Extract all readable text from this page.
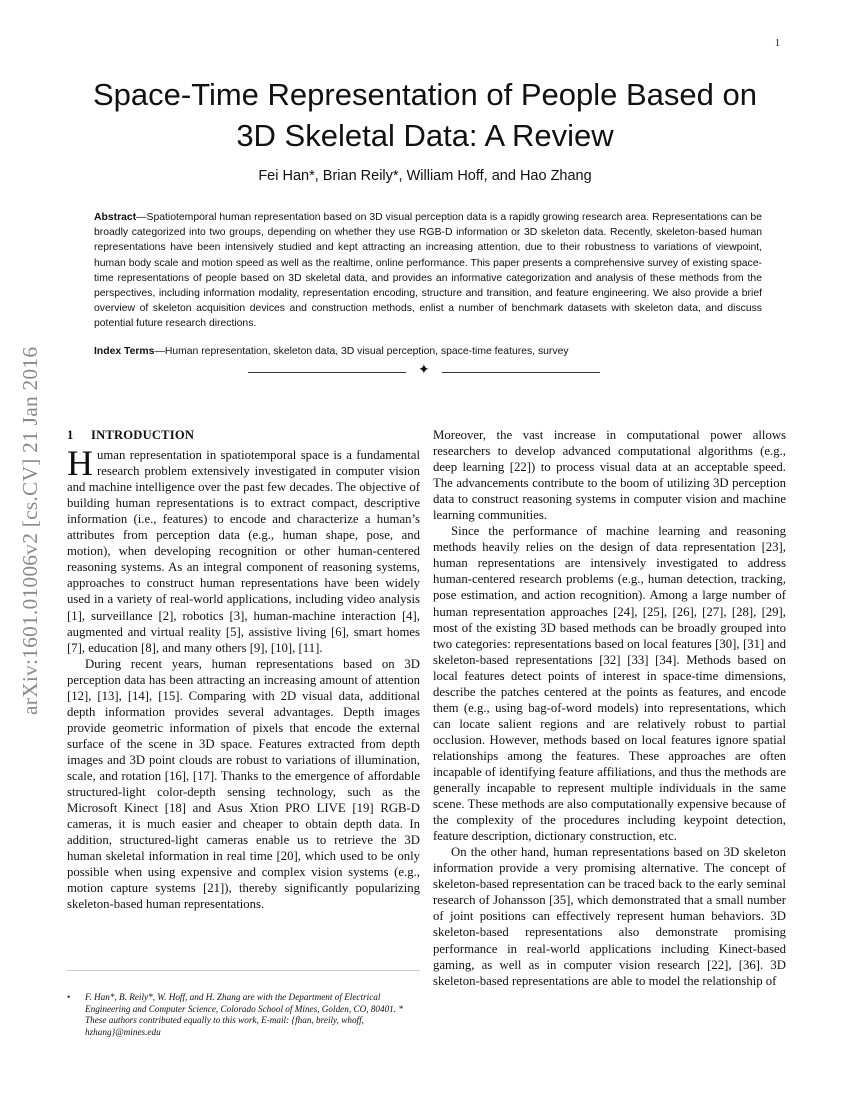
1
arXiv:1601.01006v2 [cs.CV] 21 Jan 2016
Space-Time Representation of People Based on
3D Skeletal Data: A Review
Fei Han*, Brian Reily*, William Hoff, and Hao Zhang
Abstract—Spatiotemporal human representation based on 3D visual perception data is a rapidly growing research area. Representations can be broadly categorized into two groups, depending on whether they use RGB-D information or 3D skeleton data. Recently, skeleton-based human representations have been intensively studied and kept attracting an increasing attention, due to their robustness to variations of viewpoint, human body scale and motion speed as well as the realtime, online performance. This paper presents a comprehensive survey of existing space-time representations of people based on 3D skeletal data, and provides an informative categorization and analysis of these methods from the perspectives, including information modality, representation encoding, structure and transition, and feature engineering. We also provide a brief overview of skeleton acquisition devices and construction methods, enlist a number of benchmark datasets with skeleton data, and discuss potential future research directions.
Index Terms—Human representation, skeleton data, 3D visual perception, space-time features, survey
✦
1 INTRODUCTION

Human representation in spatiotemporal space is a fundamental research problem extensively investigated in computer vision and machine intelligence over the past few decades. The objective of building human representations is to extract compact, descriptive information (i.e., features) to encode and characterize a human’s attributes from perception data (e.g., human shape, pose, and motion), when developing recognition or other human-centered reasoning systems. As an integral component of reasoning systems, approaches to construct human representations have been widely used in a variety of real-world applications, including video analysis [1], surveillance [2], robotics [3], human-machine interaction [4], augmented and virtual reality [5], assistive living [6], smart homes [7], education [8], and many others [9], [10], [11].

During recent years, human representations based on 3D perception data has been attracting an increasing amount of attention [12], [13], [14], [15]. Comparing with 2D visual data, additional depth information provides several advantages. Depth images provide geometric information of pixels that encode the external surface of the scene in 3D space. Features extracted from depth images and 3D point clouds are robust to variations of illumination, scale, and rotation [16], [17]. Thanks to the emergence of affordable structured-light color-depth sensing technology, such as the Microsoft Kinect [18] and Asus Xtion PRO LIVE [19] RGB-D cameras, it is much easier and cheaper to obtain depth data. In addition, structured-light cameras enable us to retrieve the 3D human skeletal information in real time [20], which used to be only possible when using expensive and complex vision systems (e.g., motion capture systems [21]), thereby significantly popularizing skeleton-based human representations.

• F. Han*, B. Reily*, W. Hoff, and H. Zhang are with the Department of Electrical Engineering and Computer Science, Colorado School of Mines, Golden, CO, 80401. * These authors contributed equally to this work, E-mail: {fhan, breily, whoff, hzhang}@mines.edu

Moreover, the vast increase in computational power allows researchers to develop advanced computational algorithms (e.g., deep learning [22]) to process visual data at an acceptable speed. The advancements contribute to the boom of utilizing 3D perception data to construct reasoning systems in computer vision and machine learning communities.

Since the performance of machine learning and reasoning methods heavily relies on the design of data representation [23], human representations are intensively investigated to address human-centered research problems (e.g., human detection, tracking, pose estimation, and action recognition). Among a large number of human representation approaches [24], [25], [26], [27], [28], [29], most of the existing 3D based methods can be broadly grouped into two categories: representations based on local features [30], [31] and skeleton-based representations [32] [33] [34]. Methods based on local features detect points of interest in space-time dimensions, describe the patches centered at the points as features, and encode them (e.g., using bag-of-word models) into representations, which can locate salient regions and are relatively robust to partial occlusion. However, methods based on local features ignore spatial relationships among the features. These approaches are often incapable of identifying feature affiliations, and thus the methods are generally incapable to represent multiple individuals in the same scene. These methods are also computationally expensive because of the complexity of the procedures including keypoint detection, feature description, dictionary construction, etc.

On the other hand, human representations based on 3D skeleton information provide a very promising alternative. The concept of skeleton-based representation can be traced back to the early seminal research of Johansson [35], which demonstrated that a small number of joint positions can effectively represent human behaviors. 3D skeleton-based representations also demonstrate promising performance in real-world applications including Kinect-based gaming, as well as in computer vision research [22], [36]. 3D skeleton-based representations are able to model the relationship of
